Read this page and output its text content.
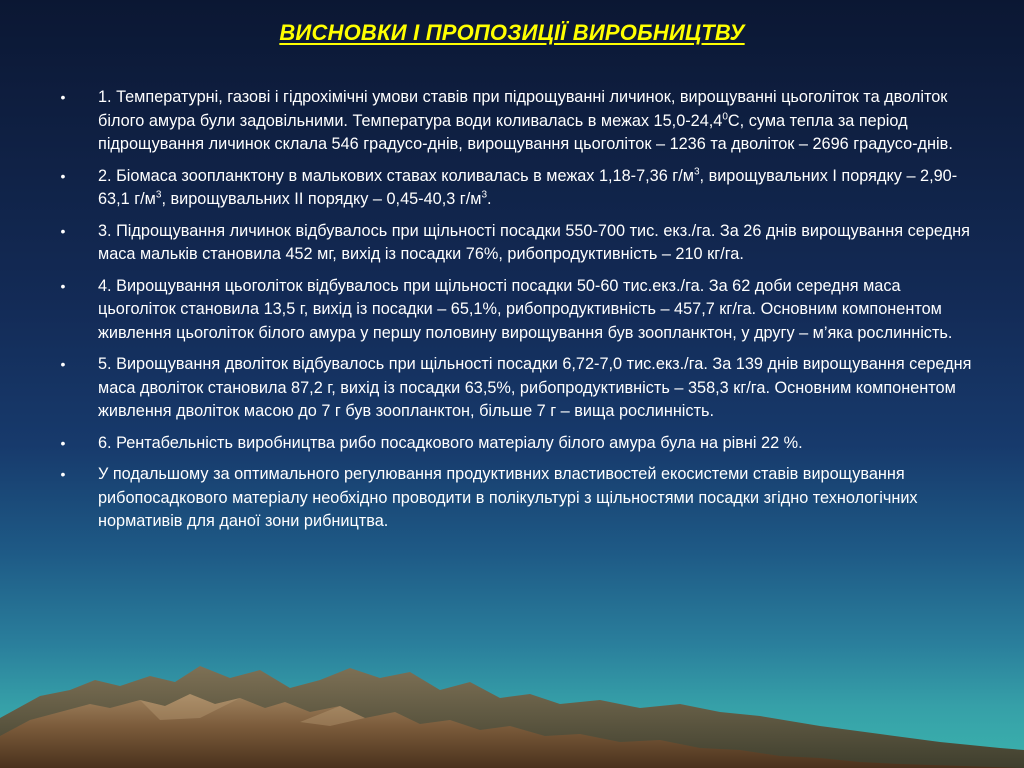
ВИСНОВКИ І ПРОПОЗИЦІЇ ВИРОБНИЦТВУ
• 1. Температурні, газові і гідрохімічні умови ставів при підрощуванні личинок, вирощуванні цьоголіток та дволіток білого амура були задовільними. Температура води коливалась в межах 15,0-24,4$^0$С, сума тепла за період підрощування личинок склала 546 градусо-днів, вирощування цьоголіток – 1236 та дволіток – 2696 градусо-днів.
• 2. Біомаса зоопланктону в малькових ставах коливалась в межах 1,18-7,36 $г/м^3$, вирощувальних І порядку – 2,90-63,1 $г/м^3$, вирощувальних ІІ порядку – 0,45-40,3 $г/м^3$.
• 3. Підрощування личинок відбувалось при щільності посадки 550-700 тис. екз./га. За 26 днів вирощування середня маса мальків становила 452 мг, вихід із посадки 76%, рибопродуктивність – 210 кг/га.
• 4. Вирощування цьоголіток відбувалось при щільності посадки 50-60 тис.екз./га. За 62 доби середня маса цьоголіток становила 13,5 г, вихід із посадки – 65,1%, рибопродуктивність – 457,7 кг/га. Основним компонентом живлення цьоголіток білого амура у першу половину вирощування був зоопланктон, у другу – м’яка рослинність.
• 5. Вирощування дволіток відбувалось при щільності посадки 6,72-7,0 тис.екз./га. За 139 днів вирощування середня маса дволіток становила 87,2 г, вихід із посадки 63,5%, рибопродуктивність – 358,3 кг/га. Основним компонентом живлення дволіток масою до 7 г був зоопланктон, більше 7 г – вища рослинність.
• 6. Рентабельність виробництва рибо посадкового матеріалу білого амура була на рівні 22 %.
• У подальшому за оптимального регулювання продуктивних властивостей екосистеми ставів вирощування рибопосадкового матеріалу необхідно проводити в полікультурі з щільностями посадки згідно технологічних нормативів для даної зони рибництва.
